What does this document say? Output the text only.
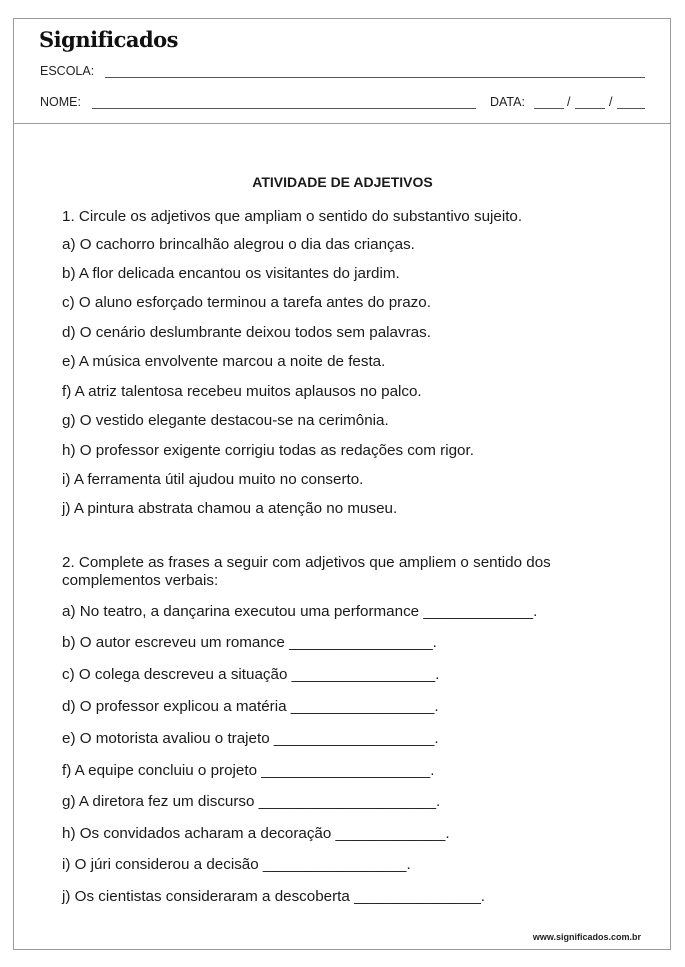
Significados
ESCOLA:
NOME:	DATA:	/	/
ATIVIDADE DE ADJETIVOS
1. Circule os adjetivos que ampliam o sentido do substantivo sujeito.
a) O cachorro brincalhão alegrou o dia das crianças.
b) A flor delicada encantou os visitantes do jardim.
c) O aluno esforçado terminou a tarefa antes do prazo.
d) O cenário deslumbrante deixou todos sem palavras.
e) A música envolvente marcou a noite de festa.
f) A atriz talentosa recebeu muitos aplausos no palco.
g) O vestido elegante destacou-se na cerimônia.
h) O professor exigente corrigiu todas as redações com rigor.
i) A ferramenta útil ajudou muito no conserto.
j) A pintura abstrata chamou a atenção no museu.
2. Complete as frases a seguir com adjetivos que ampliem o sentido dos
complementos verbais:
a) No teatro, a dançarina executou uma performance _____________.
b) O autor escreveu um romance _________________.
c) O colega descreveu a situação _________________.
d) O professor explicou a matéria _________________.
e) O motorista avaliou o trajeto ___________________.
f) A equipe concluiu o projeto ____________________.
g) A diretora fez um discurso _____________________.
h) Os convidados acharam a decoração _____________.
i) O júri considerou a decisão _________________.
j) Os cientistas consideraram a descoberta _______________.
www.significados.com.br
